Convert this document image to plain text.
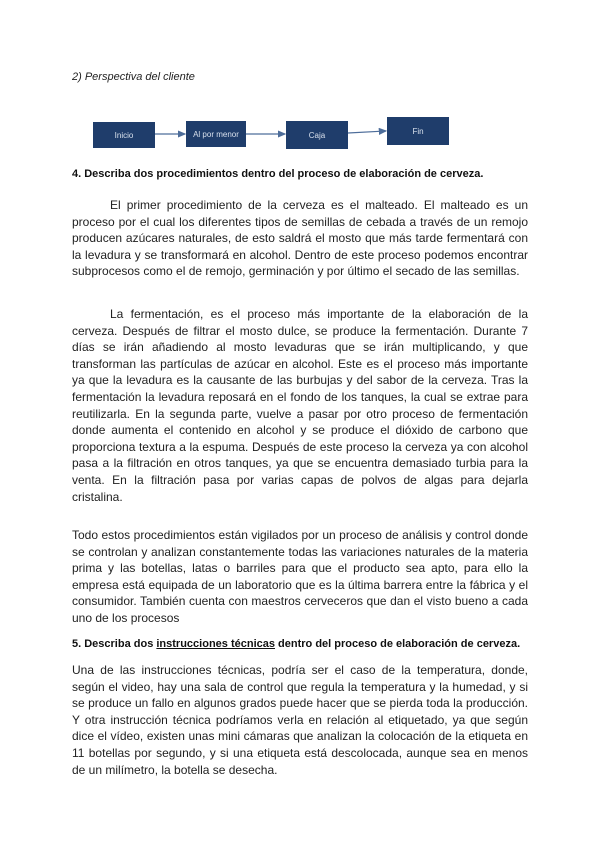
2) Perspectiva del cliente
Inicio	Al por menor	Caja	Fin
4. Describa dos procedimientos dentro del proceso de elaboración de cerveza.

El primer procedimiento de la cerveza es el malteado. El malteado es un proceso por el cual los diferentes tipos de semillas de cebada a través de un remojo producen azúcares naturales, de esto saldrá el mosto que más tarde fermentará con la levadura y se transformará en alcohol. Dentro de este proceso podemos encontrar subprocesos como el de remojo, germinación y por último el secado de las semillas.

La fermentación, es el proceso más importante de la elaboración de la cerveza. Después de filtrar el mosto dulce, se produce la fermentación. Durante 7 días se irán añadiendo al mosto levaduras que se irán multiplicando, y que transforman las partículas de azúcar en alcohol. Este es el proceso más importante ya que la levadura es la causante de las burbujas y del sabor de la cerveza. Tras la fermentación la levadura reposará en el fondo de los tanques, la cual se extrae para reutilizarla. En la segunda parte, vuelve a pasar por otro proceso de fermentación donde aumenta el contenido en alcohol y se produce el dióxido de carbono que proporciona textura a la espuma. Después de este proceso la cerveza ya con alcohol pasa a la filtración en otros tanques, ya que se encuentra demasiado turbia para la venta. En la filtración pasa por varias capas de polvos de algas para dejarla cristalina.

Todo estos procedimientos están vigilados por un proceso de análisis y control donde se controlan y analizan constantemente todas las variaciones naturales de la materia prima y las botellas, latas o barriles para que el producto sea apto, para ello la empresa está equipada de un laboratorio que es la última barrera entre la fábrica y el consumidor. También cuenta con maestros cerveceros que dan el visto bueno a cada uno de los procesos

5. Describa dos instrucciones técnicas dentro del proceso de elaboración de cerveza.

Una de las instrucciones técnicas, podría ser el caso de la temperatura, donde, según el video, hay una sala de control que regula la temperatura y la humedad, y si se produce un fallo en algunos grados puede hacer que se pierda toda la producción. Y otra instrucción técnica podríamos verla en relación al etiquetado, ya que según dice el vídeo, existen unas mini cámaras que analizan la colocación de la etiqueta en 11 botellas por segundo, y si una etiqueta está descolocada, aunque sea en menos de un milímetro, la botella se desecha.
